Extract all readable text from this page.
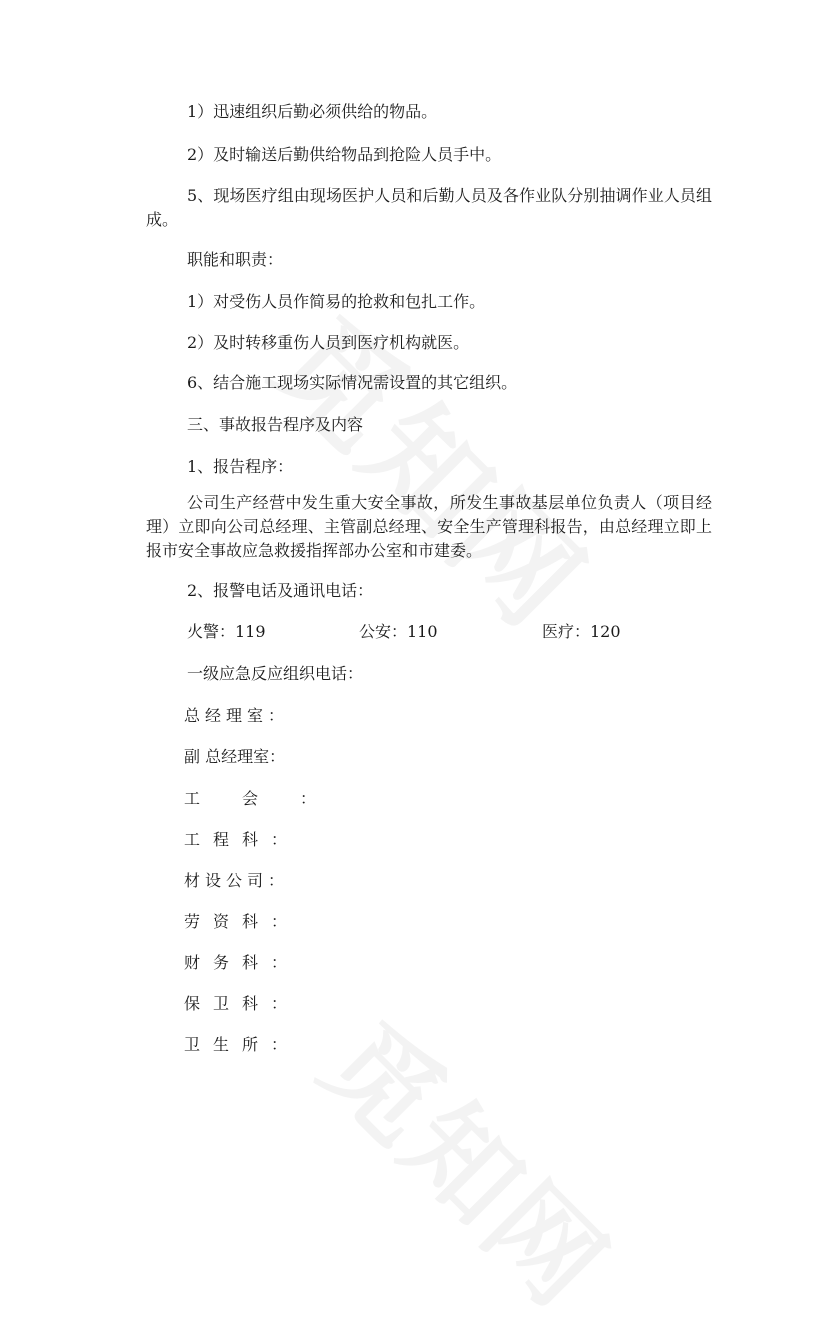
1）迅速组织后勤必须供给的物品。
2）及时输送后勤供给物品到抢险人员手中。
5、现场医疗组由现场医护人员和后勤人员及各作业队分别抽调作业人员组成。
职能和职责：
1）对受伤人员作简易的抢救和包扎工作。
2）及时转移重伤人员到医疗机构就医。
6、结合施工现场实际情况需设置的其它组织。
三、事故报告程序及内容
1、报告程序：
公司生产经营中发生重大安全事故，所发生事故基层单位负责人（项目经理）立即向公司总经理、主管副总经理、安全生产管理科报告，由总经理立即上报市安全事故应急救援指挥部办公室和市建委。
2、报警电话及通讯电话：
火警：119	公安：110	医疗：120
一级应急反应组织电话：
总经理室：
副 总经理室：
工会：
工程科：
材设公司：
劳资科：
财务科：
保卫科：
卫生所：
